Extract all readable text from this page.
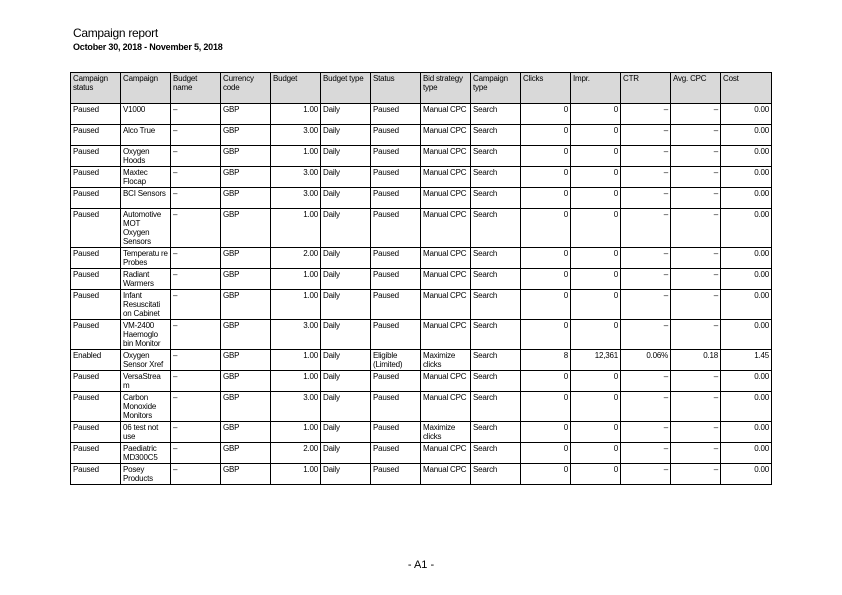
Campaign report
October 30, 2018 - November 5, 2018
Campaign status	Campaign	Budget name	Currency code	Budget	Budget type	Status	Bid strategy type	Campaign type	Clicks	Impr.	CTR	Avg. CPC	Cost
Paused	V1000	–	GBP	1.00	Daily	Paused	Manual CPC	Search	0	0	–	–	0.00
Paused	Alco True	–	GBP	3.00	Daily	Paused	Manual CPC	Search	0	0	–	–	0.00
Paused	Oxygen Hoods	–	GBP	1.00	Daily	Paused	Manual CPC	Search	0	0	–	–	0.00
Paused	Maxtec Flocap	–	GBP	3.00	Daily	Paused	Manual CPC	Search	0	0	–	–	0.00
Paused	BCI Sensors	–	GBP	3.00	Daily	Paused	Manual CPC	Search	0	0	–	–	0.00
Paused	Automotive MOT Oxygen Sensors	–	GBP	1.00	Daily	Paused	Manual CPC	Search	0	0	–	–	0.00
Paused	Temperatu re Probes	–	GBP	2.00	Daily	Paused	Manual CPC	Search	0	0	–	–	0.00
Paused	Radiant Warmers	–	GBP	1.00	Daily	Paused	Manual CPC	Search	0	0	–	–	0.00
Paused	Infant Resuscitati on Cabinet	–	GBP	1.00	Daily	Paused	Manual CPC	Search	0	0	–	–	0.00
Paused	VM-2400 Haemoglo bin Monitor	–	GBP	3.00	Daily	Paused	Manual CPC	Search	0	0	–	–	0.00
Enabled	Oxygen Sensor Xref	–	GBP	1.00	Daily	Eligible (Limited)	Maximize clicks	Search	8	12,361	0.06%	0.18	1.45
Paused	VersaStrea m	–	GBP	1.00	Daily	Paused	Manual CPC	Search	0	0	–	–	0.00
Paused	Carbon Monoxide Monitors	–	GBP	3.00	Daily	Paused	Manual CPC	Search	0	0	–	–	0.00
Paused	06 test not use	–	GBP	1.00	Daily	Paused	Maximize clicks	Search	0	0	–	–	0.00
Paused	Paediatric MD300C5	–	GBP	2.00	Daily	Paused	Manual CPC	Search	0	0	–	–	0.00
Paused	Posey Products	–	GBP	1.00	Daily	Paused	Manual CPC	Search	0	0	–	–	0.00
- A1 -
